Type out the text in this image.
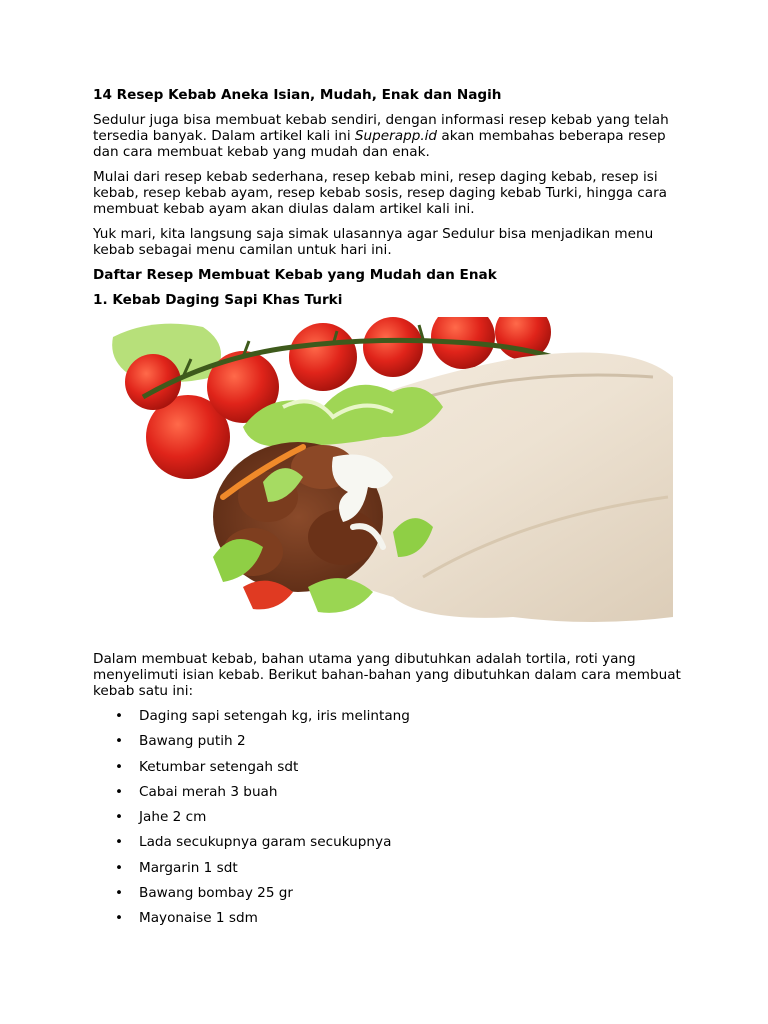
14 Resep Kebab Aneka Isian, Mudah, Enak dan Nagih

Sedulur juga bisa membuat kebab sendiri, dengan informasi resep kebab yang telah tersedia banyak. Dalam artikel kali ini Superapp.id akan membahas beberapa resep dan cara membuat kebab yang mudah dan enak.

Mulai dari resep kebab sederhana, resep kebab mini, resep daging kebab, resep isi kebab, resep kebab ayam, resep kebab sosis, resep daging kebab Turki, hingga cara membuat kebab ayam akan diulas dalam artikel kali ini.

Yuk mari, kita langsung saja simak ulasannya agar Sedulur bisa menjadikan menu kebab sebagai menu camilan untuk hari ini.

Daftar Resep Membuat Kebab yang Mudah dan Enak
1. Kebab Daging Sapi Khas Turki

Dalam membuat kebab, bahan utama yang dibutuhkan adalah tortila, roti yang menyelimuti isian kebab. Berikut bahan-bahan yang dibutuhkan dalam cara membuat kebab satu ini:

• Daging sapi setengah kg, iris melintang
• Bawang putih 2
• Ketumbar setengah sdt
• Cabai merah 3 buah
• Jahe 2 cm
• Lada secukupnya garam secukupnya
• Margarin 1 sdt
• Bawang bombay 25 gr
• Mayonaise 1 sdm
